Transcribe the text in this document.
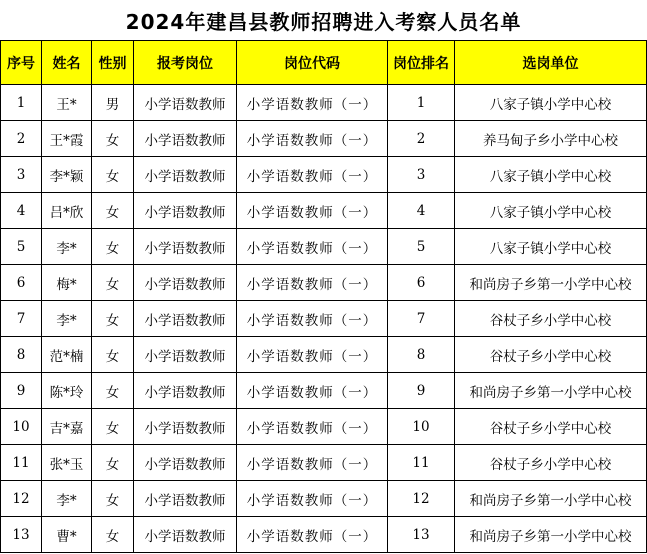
2024年建昌县教师招聘进入考察人员名单
序号	姓名	性别	报考岗位	岗位代码	岗位排名	选岗单位
1	王*	男	小学语数教师	小学语数教师（一）	1	八家子镇小学中心校
2	王*霞	女	小学语数教师	小学语数教师（一）	2	养马甸子乡小学中心校
3	李*颖	女	小学语数教师	小学语数教师（一）	3	八家子镇小学中心校
4	吕*欣	女	小学语数教师	小学语数教师（一）	4	八家子镇小学中心校
5	李*	女	小学语数教师	小学语数教师（一）	5	八家子镇小学中心校
6	梅*	女	小学语数教师	小学语数教师（一）	6	和尚房子乡第一小学中心校
7	李*	女	小学语数教师	小学语数教师（一）	7	谷杖子乡小学中心校
8	范*楠	女	小学语数教师	小学语数教师（一）	8	谷杖子乡小学中心校
9	陈*玲	女	小学语数教师	小学语数教师（一）	9	和尚房子乡第一小学中心校
10	吉*嘉	女	小学语数教师	小学语数教师（一）	10	谷杖子乡小学中心校
11	张*玉	女	小学语数教师	小学语数教师（一）	11	谷杖子乡小学中心校
12	李*	女	小学语数教师	小学语数教师（一）	12	和尚房子乡第一小学中心校
13	曹*	女	小学语数教师	小学语数教师（一）	13	和尚房子乡第一小学中心校
